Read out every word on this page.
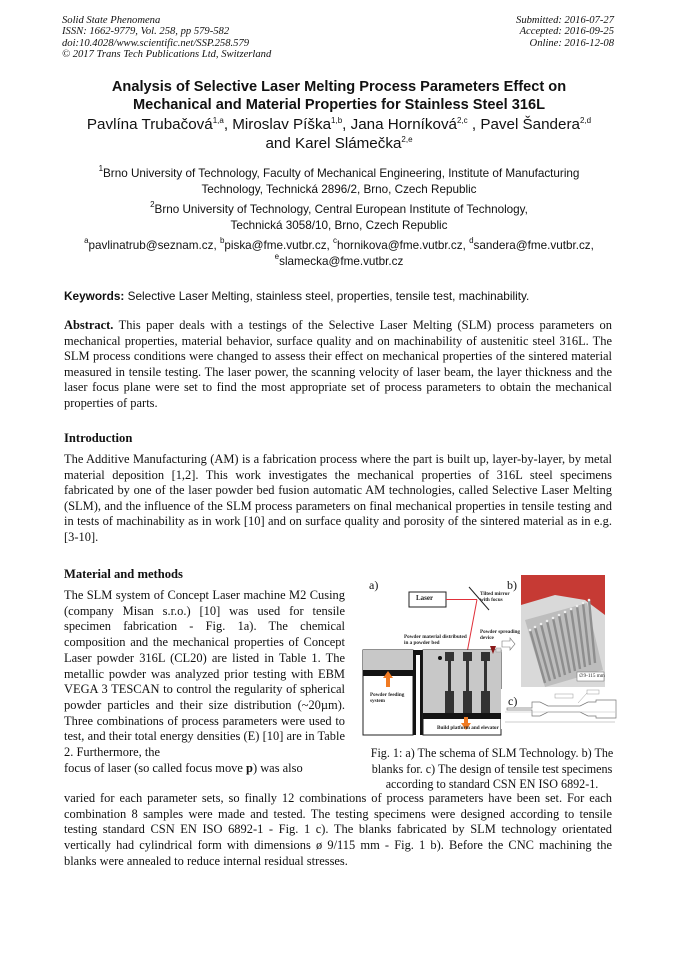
Solid State Phenomena
ISSN: 1662-9779, Vol. 258, pp 579-582
doi:10.4028/www.scientific.net/SSP.258.579
© 2017 Trans Tech Publications Ltd, Switzerland
Submitted: 2016-07-27
Accepted: 2016-09-25
Online: 2016-12-08
Analysis of Selective Laser Melting Process Parameters Effect on
Mechanical and Material Properties for Stainless Steel 316L
Pavlína Trubačová$^{1,a}$, Miroslav Píška$^{1,b}$, Jana Horníková$^{2,c}$ , Pavel Šandera$^{2,d}$
and Karel Slámečka$^{2,e}$
$^1$Brno University of Technology, Faculty of Mechanical Engineering, Institute of Manufacturing
Technology, Technická 2896/2, Brno, Czech Republic
$^2$Brno University of Technology, Central European Institute of Technology,
Technická 3058/10, Brno, Czech Republic
$^a$pavlinatrub@seznam.cz, $^b$piska@fme.vutbr.cz, $^c$hornikova@fme.vutbr.cz, $^d$sandera@fme.vutbr.cz,
$^e$slamecka@fme.vutbr.cz
Keywords: Selective Laser Melting, stainless steel, properties, tensile test, machinability.
Abstract. This paper deals with a testings of the Selective Laser Melting (SLM) process parameters on mechanical properties, material behavior, surface quality and on machinability of austenitic steel 316L. The SLM process conditions were changed to assess their effect on mechanical properties of the sintered material measured in tensile testing. The laser power, the scanning velocity of laser beam, the layer thickness and the laser focus plane were set to find the most appropriate set of process parameters to obtain the mechanical properties of parts.
Introduction
The Additive Manufacturing (AM) is a fabrication process where the part is built up, layer-by-layer, by metal material deposition [1,2]. This work investigates the mechanical properties of 316L steel specimens fabricated by one of the laser powder bed fusion automatic AM technologies, called Selective Laser Melting (SLM), and the influence of the SLM process parameters on final mechanical properties in tensile testing and in tests of machinability as in work [10] and on surface quality and porosity of the sintered material as in e.g. [3-10].
Material and methods
The SLM system of Concept Laser machine M2 Cusing (company Misan s.r.o.) [10] was used for tensile specimen fabrication - Fig. 1a). The chemical composition and the mechanical properties of Concept Laser powder 316L (CL20) are listed in Table 1. The metallic powder was analyzed prior testing with EBM VEGA 3 TESCAN to control the regularity of spherical powder particles and their size distribution (~20µm). Three combinations of process parameters were used to test, and their total energy densities (E) [10] are in Table 2. Furthermore, the
focus of laser (so called focus move p) was also
varied for each parameter sets, so finally 12 combinations of process parameters have been set. For each combination 8 samples were made and tested. The testing specimens were designed according to tensile testing standard CSN EN ISO 6892-1 - Fig. 1 c). The blanks fabricated by SLM technology orientated vertically had cylindrical form with dimensions ø 9/115 mm - Fig. 1 b). Before the CNC machining the blanks were annealed to reduce internal residual stresses.
a)	b)
c)
Laser	Tilted mirror
with focus
Powder spreading
device
Powder material distributed
in a powder bed
Powder feeding
system
Build platform and elevator
∅9-115 mm
Fig. 1: a) The schema of SLM Technology. b) The
blanks for. c) The design of tensile test specimens
according to standard CSN EN ISO 6892-1.
